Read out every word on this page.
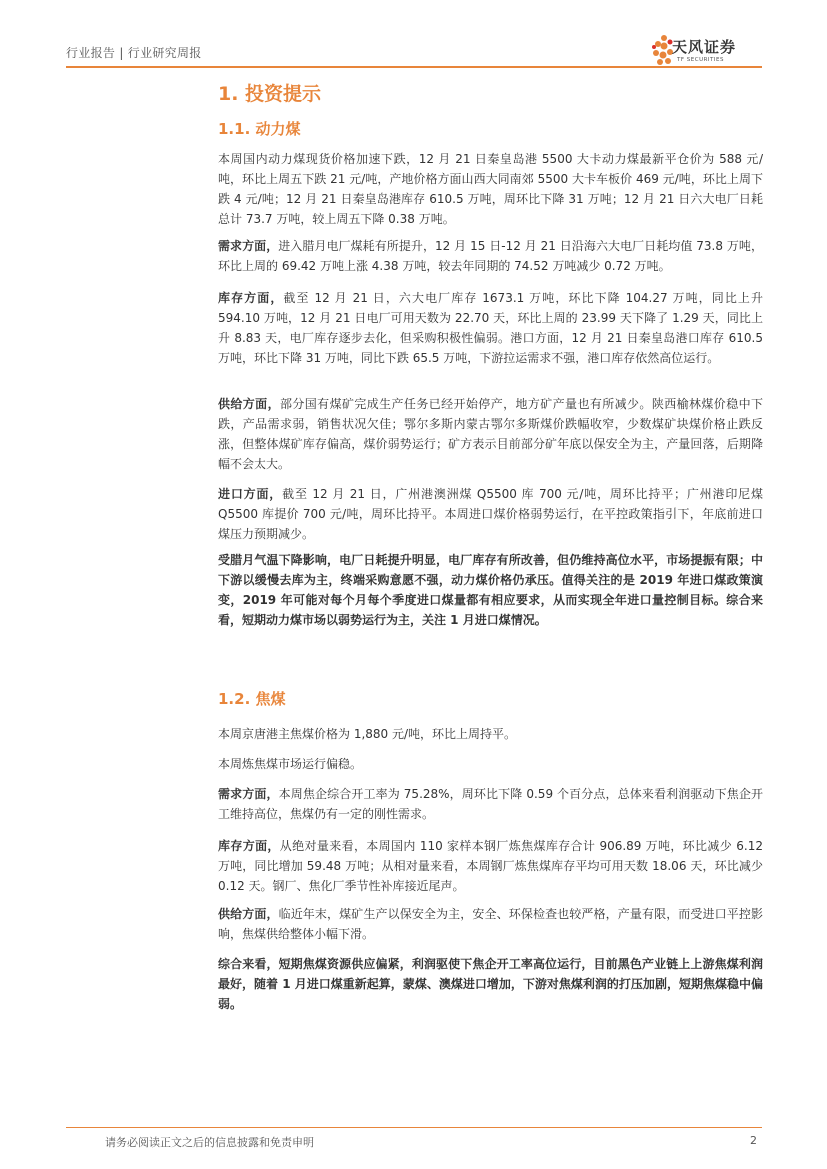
行业报告 | 行业研究周报	天风证券
TF SECURITIES
1. 投资提示
1.1. 动力煤

本周国内动力煤现货价格加速下跌，12 月 21 日秦皇岛港 5500 大卡动力煤最新平仓价为 588 元/吨，环比上周五下跌 21 元/吨，产地价格方面山西大同南郊 5500 大卡车板价 469 元/吨，环比上周下跌 4 元/吨；12 月 21 日秦皇岛港库存 610.5 万吨，周环比下降 31 万吨；12 月 21 日六大电厂日耗总计 73.7 万吨，较上周五下降 0.38 万吨。

需求方面，进入腊月电厂煤耗有所提升，12 月 15 日-12 月 21 日沿海六大电厂日耗均值 73.8 万吨，环比上周的 69.42 万吨上涨 4.38 万吨，较去年同期的 74.52 万吨减少 0.72 万吨。

库存方面，截至 12 月 21 日，六大电厂库存 1673.1 万吨，环比下降 104.27 万吨，同比上升 594.10 万吨，12 月 21 日电厂可用天数为 22.70 天，环比上周的 23.99 天下降了 1.29 天，同比上升 8.83 天，电厂库存逐步去化，但采购积极性偏弱。港口方面，12 月 21 日秦皇岛港口库存 610.5 万吨，环比下降 31 万吨，同比下跌 65.5 万吨，下游拉运需求不强，港口库存依然高位运行。

供给方面，部分国有煤矿完成生产任务已经开始停产，地方矿产量也有所减少。陕西榆林煤价稳中下跌，产品需求弱，销售状况欠佳；鄂尔多斯内蒙古鄂尔多斯煤价跌幅收窄，少数煤矿块煤价格止跌反涨，但整体煤矿库存偏高，煤价弱势运行；矿方表示目前部分矿年底以保安全为主，产量回落，后期降幅不会太大。

进口方面，截至 12 月 21 日，广州港澳洲煤 Q5500 库 700 元/吨，周环比持平；广州港印尼煤 Q5500 库提价 700 元/吨，周环比持平。本周进口煤价格弱势运行，在平控政策指引下，年底前进口煤压力预期减少。

受腊月气温下降影响，电厂日耗提升明显，电厂库存有所改善，但仍维持高位水平，市场提振有限；中下游以缓慢去库为主，终端采购意愿不强，动力煤价格仍承压。值得关注的是 2019 年进口煤政策演变，2019 年可能对每个月每个季度进口煤量都有相应要求，从而实现全年进口量控制目标。综合来看，短期动力煤市场以弱势运行为主，关注 1 月进口煤情况。

1.2. 焦煤

本周京唐港主焦煤价格为 1,880 元/吨，环比上周持平。

本周炼焦煤市场运行偏稳。

需求方面，本周焦企综合开工率为 75.28%，周环比下降 0.59 个百分点，总体来看利润驱动下焦企开工维持高位，焦煤仍有一定的刚性需求。

库存方面，从绝对量来看，本周国内 110 家样本钢厂炼焦煤库存合计 906.89 万吨，环比减少 6.12 万吨，同比增加 59.48 万吨；从相对量来看，本周钢厂炼焦煤库存平均可用天数 18.06 天，环比减少 0.12 天。钢厂、焦化厂季节性补库接近尾声。

供给方面，临近年末，煤矿生产以保安全为主，安全、环保检查也较严格，产量有限，而受进口平控影响，焦煤供给整体小幅下滑。

综合来看，短期焦煤资源供应偏紧，利润驱使下焦企开工率高位运行，目前黑色产业链上上游焦煤利润最好，随着 1 月进口煤重新起算，蒙煤、澳煤进口增加，下游对焦煤利润的打压加剧，短期焦煤稳中偏弱。

请务必阅读正文之后的信息披露和免责申明	2
